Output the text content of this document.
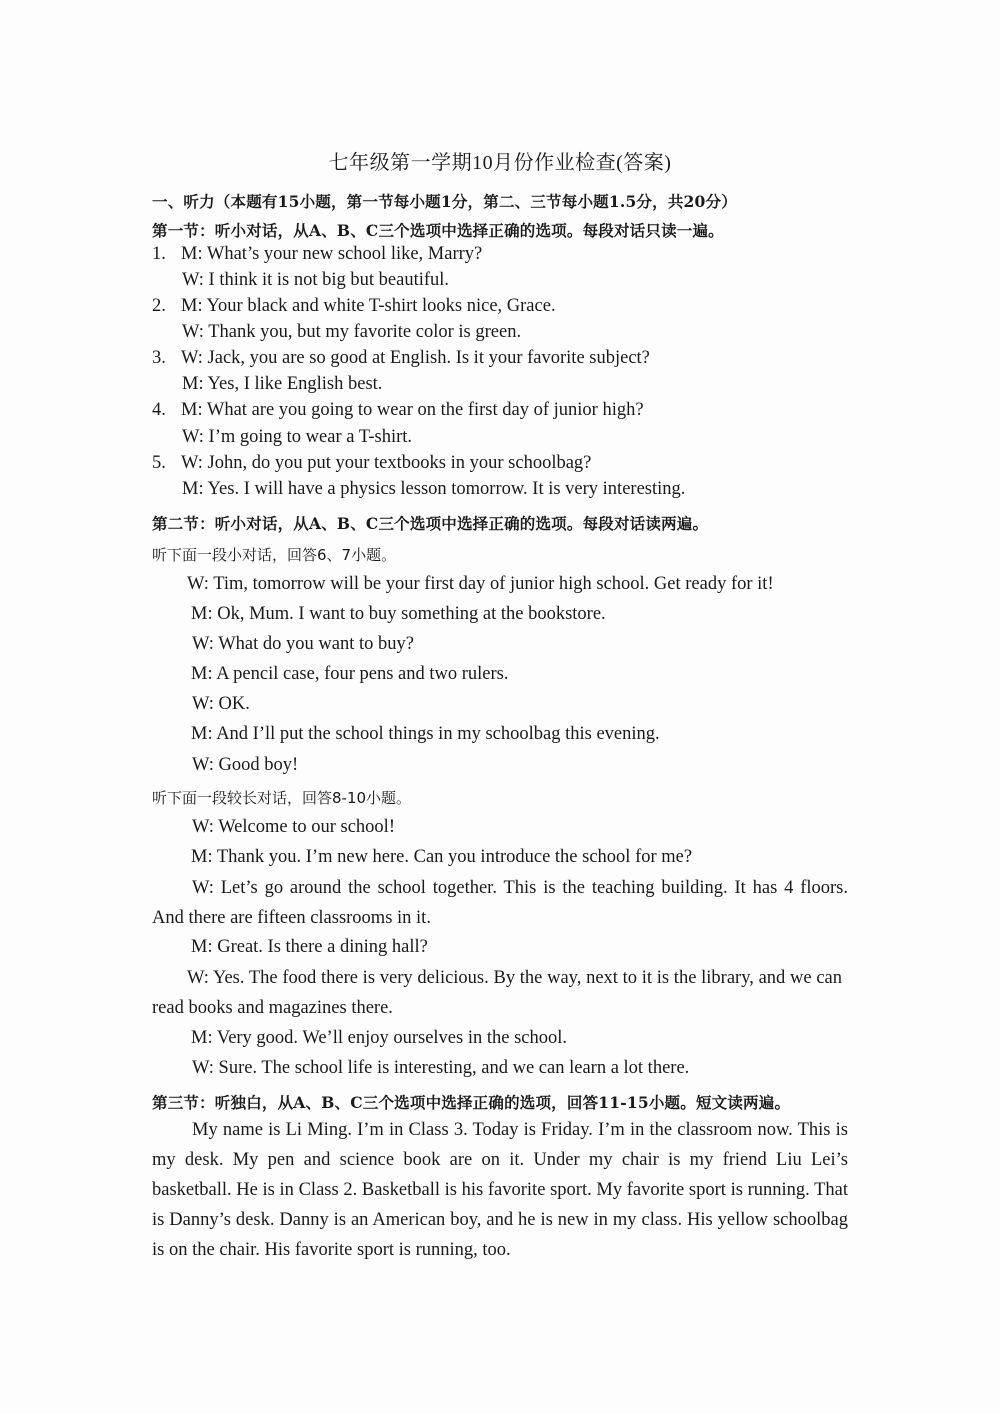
七年级第一学期10月份作业检查(答案)
一、听力（本题有15小题，第一节每小题1分，第二、三节每小题1.5分，共20分）
第一节：听小对话，从A、B、C三个选项中选择正确的选项。每段对话只读一遍。
1. M: What’s your new school like, Marry?
W: I think it is not big but beautiful.
2. M: Your black and white T-shirt looks nice, Grace.
W: Thank you, but my favorite color is green.
3. W: Jack, you are so good at English. Is it your favorite subject?
M: Yes, I like English best.
4. M: What are you going to wear on the first day of junior high?
W: I’m going to wear a T-shirt.
5. W: John, do you put your textbooks in your schoolbag?
M: Yes. I will have a physics lesson tomorrow. It is very interesting.
第二节：听小对话，从A、B、C三个选项中选择正确的选项。每段对话读两遍。
听下面一段小对话，回答6、7小题。
W: Tim, tomorrow will be your first day of junior high school. Get ready for it!
M: Ok, Mum. I want to buy something at the bookstore.
W: What do you want to buy?
M: A pencil case, four pens and two rulers.
W: OK.
M: And I’ll put the school things in my schoolbag this evening.
W: Good boy!
听下面一段较长对话，回答8-10小题。
W: Welcome to our school!
M: Thank you. I’m new here. Can you introduce the school for me?
W: Let’s go around the school together. This is the teaching building. It has 4 floors. And there are fifteen classrooms in it.
M: Great. Is there a dining hall?
W: Yes. The food there is very delicious. By the way, next to it is the library, and we can read books and magazines there.
M: Very good. We’ll enjoy ourselves in the school.
W: Sure. The school life is interesting, and we can learn a lot there.
第三节：听独白，从A、B、C三个选项中选择正确的选项，回答11-15小题。短文读两遍。
My name is Li Ming. I’m in Class 3. Today is Friday. I’m in the classroom now. This is my desk. My pen and science book are on it. Under my chair is my friend Liu Lei’s basketball. He is in Class 2. Basketball is his favorite sport. My favorite sport is running. That is Danny’s desk. Danny is an American boy, and he is new in my class. His yellow schoolbag is on the chair. His favorite sport is running, too.
